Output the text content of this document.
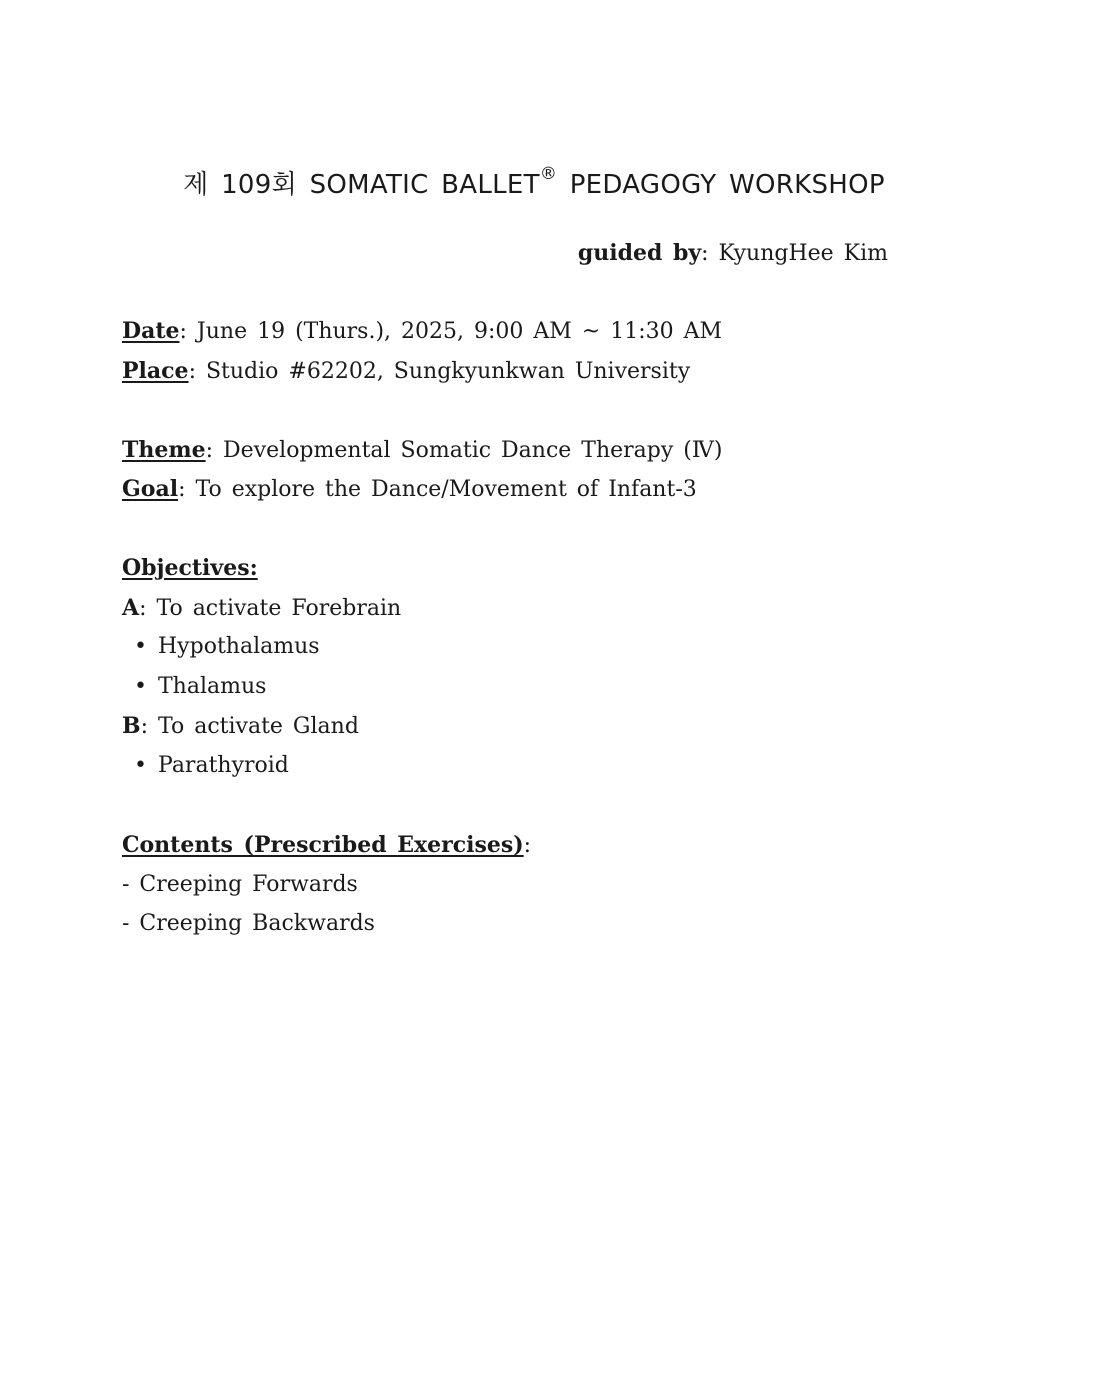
제 109회 SOMATIC BALLET® PEDAGOGY WORKSHOP
guided by: KyungHee Kim
Date: June 19 (Thurs.), 2025, 9:00 AM ~ 11:30 AM
Place: Studio #62202, Sungkyunkwan University
Theme: Developmental Somatic Dance Therapy (Ⅳ)
Goal: To explore the Dance/Movement of Infant-3
Objectives:
A: To activate Forebrain
• Hypothalamus
• Thalamus
B: To activate Gland
• Parathyroid
Contents (Prescribed Exercises):
- Creeping Forwards
- Creeping Backwards
